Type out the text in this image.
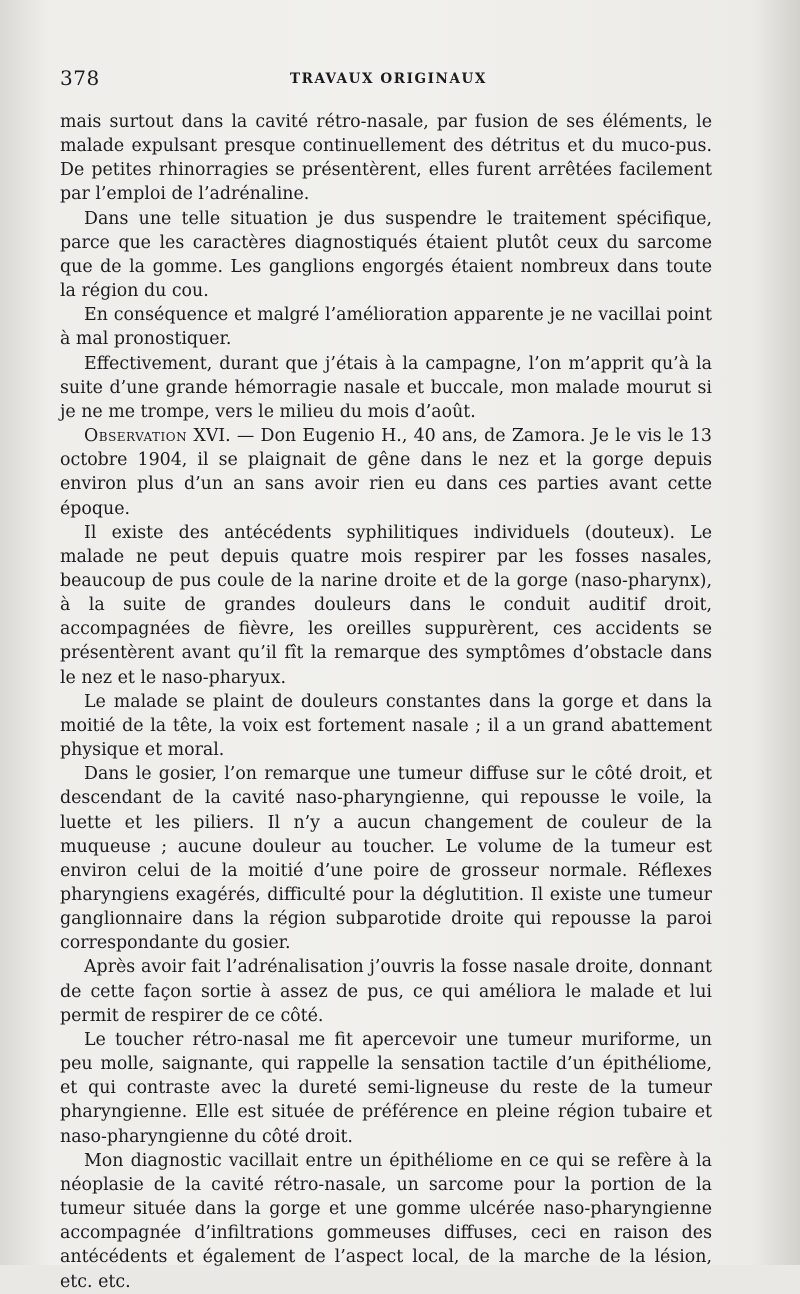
378	TRAVAUX ORIGINAUX

mais surtout dans la cavité rétro-nasale, par fusion de ses éléments, le malade expulsant presque continuellement des détritus et du muco-pus. De petites rhinorragies se présentèrent, elles furent arrêtées facilement par l’emploi de l’adrénaline.

Dans une telle situation je dus suspendre le traitement spécifique, parce que les caractères diagnostiqués étaient plutôt ceux du sarcome que de la gomme. Les ganglions engorgés étaient nombreux dans toute la région du cou.

En conséquence et malgré l’amélioration apparente je ne vacillai point à mal pronostiquer.

Effectivement, durant que j’étais à la campagne, l’on m’apprit qu’à la suite d’une grande hémorragie nasale et buccale, mon malade mourut si je ne me trompe, vers le milieu du mois d’août.

Observation XVI. — Don Eugenio H., 40 ans, de Zamora. Je le vis le 13 octobre 1904, il se plaignait de gêne dans le nez et la gorge depuis environ plus d’un an sans avoir rien eu dans ces parties avant cette époque.

Il existe des antécédents syphilitiques individuels (douteux). Le malade ne peut depuis quatre mois respirer par les fosses nasales, beaucoup de pus coule de la narine droite et de la gorge (naso-pharynx), à la suite de grandes douleurs dans le conduit auditif droit, accompagnées de fièvre, les oreilles suppurèrent, ces accidents se présentèrent avant qu’il fît la remarque des symptômes d’obstacle dans le nez et le naso-pharyux.

Le malade se plaint de douleurs constantes dans la gorge et dans la moitié de la tête, la voix est fortement nasale ; il a un grand abattement physique et moral.

Dans le gosier, l’on remarque une tumeur diffuse sur le côté droit, et descendant de la cavité naso-pharyngienne, qui repousse le voile, la luette et les piliers. Il n’y a aucun changement de couleur de la muqueuse ; aucune douleur au toucher. Le volume de la tumeur est environ celui de la moitié d’une poire de grosseur normale. Réflexes pharyngiens exagérés, difficulté pour la déglutition. Il existe une tumeur ganglionnaire dans la région subparotide droite qui repousse la paroi correspondante du gosier.

Après avoir fait l’adrénalisation j’ouvris la fosse nasale droite, donnant de cette façon sortie à assez de pus, ce qui améliora le malade et lui permit de respirer de ce côté.

Le toucher rétro-nasal me fit apercevoir une tumeur muriforme, un peu molle, saignante, qui rappelle la sensation tactile d’un épithéliome, et qui contraste avec la dureté semi-ligneuse du reste de la tumeur pharyngienne. Elle est située de préférence en pleine région tubaire et naso-pharyngienne du côté droit.

Mon diagnostic vacillait entre un épithéliome en ce qui se refère à la néoplasie de la cavité rétro-nasale, un sarcome pour la portion de la tumeur située dans la gorge et une gomme ulcérée naso-pharyngienne accompagnée d’infiltrations gommeuses diffuses, ceci en raison des antécédents et également de l’aspect local, de la marche de la lésion, etc. etc.
